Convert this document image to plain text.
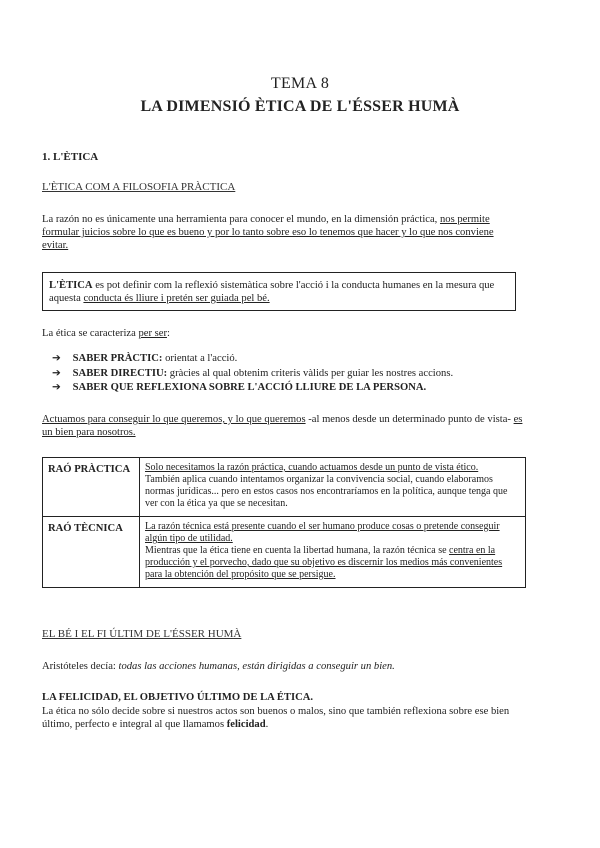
TEMA 8
LA DIMENSIÓ ÈTICA DE L'ÉSSER HUMÀ
1. L'ÈTICA
L'ÈTICA COM A FILOSOFIA PRÀCTICA
La razón no es únicamente una herramienta para conocer el mundo, en la dimensión práctica, nos permite formular juicios sobre lo que es bueno y por lo tanto sobre eso lo tenemos que hacer y lo que nos conviene evitar.
L'ÈTICA es pot definir com la reflexió sistemàtica sobre l'acció i la conducta humanes en la mesura que aquesta conducta és lliure i pretén ser guiada pel bé.
La ética se caracteriza per ser:
➔ SABER PRÀCTIC: orientat a l'acció.
➔ SABER DIRECTIU: gràcies al qual obtenim criteris vàlids per guiar les nostres accions.
➔ SABER QUE REFLEXIONA SOBRE L'ACCIÓ LLIURE DE LA PERSONA.
Actuamos para conseguir lo que queremos, y lo que queremos -al menos desde un determinado punto de vista- es un bien para nosotros.
RAÓ PRÀCTICA	Solo necesitamos la razón práctica, cuando actuamos desde un punto de vista ético.
También aplica cuando intentamos organizar la convivencia social, cuando elaboramos normas jurídicas... pero en estos casos nos encontraríamos en la política, aunque tenga que ver con la ética ya que se necesitan.
RAÓ TÈCNICA	La razón técnica está presente cuando el ser humano produce cosas o pretende conseguir algún tipo de utilidad.
Mientras que la ética tiene en cuenta la libertad humana, la razón técnica se centra en la producción y el porvecho, dado que su objetivo es discernir los medios más convenientes para la obtención del propósito que se persigue.
EL BÉ I EL FI ÚLTIM DE L'ÉSSER HUMÀ
Aristóteles decía: todas las acciones humanas, están dirigidas a conseguir un bien.
LA FELICIDAD, EL OBJETIVO ÚLTIMO DE LA ÉTICA.
La ética no sólo decide sobre si nuestros actos son buenos o malos, sino que también reflexiona sobre ese bien último, perfecto e integral al que llamamos felicidad.
